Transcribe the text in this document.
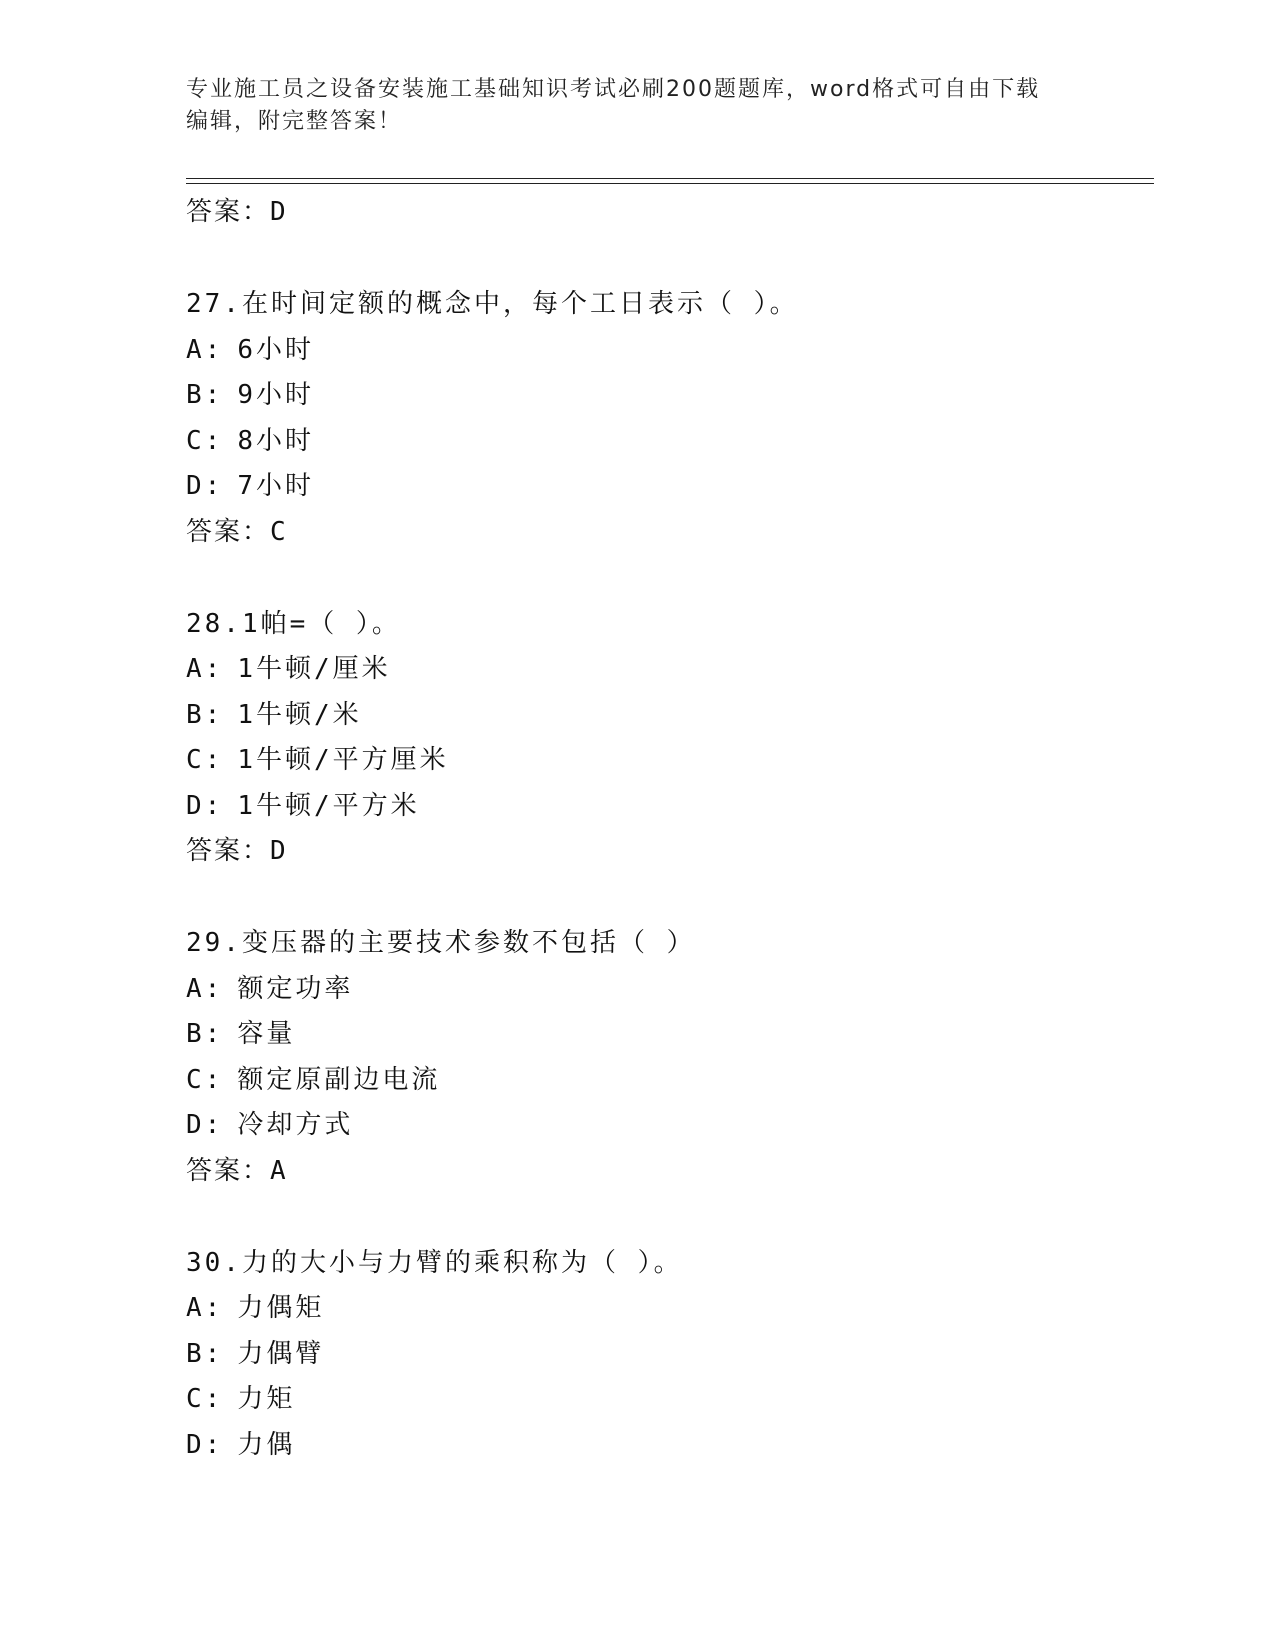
专业施工员之设备安装施工基础知识考试必刷200题题库，word格式可自由下载
编辑，附完整答案！
答案：D
27.在时间定额的概念中，每个工日表示（ ）。
A: 6小时
B: 9小时
C: 8小时
D: 7小时
答案：C
28.1帕=（ ）。
A: 1牛顿/厘米
B: 1牛顿/米
C: 1牛顿/平方厘米
D: 1牛顿/平方米
答案：D
29.变压器的主要技术参数不包括（ ）
A: 额定功率
B: 容量
C: 额定原副边电流
D: 冷却方式
答案：A
30.力的大小与力臂的乘积称为（ ）。
A: 力偶矩
B: 力偶臂
C: 力矩
D: 力偶
